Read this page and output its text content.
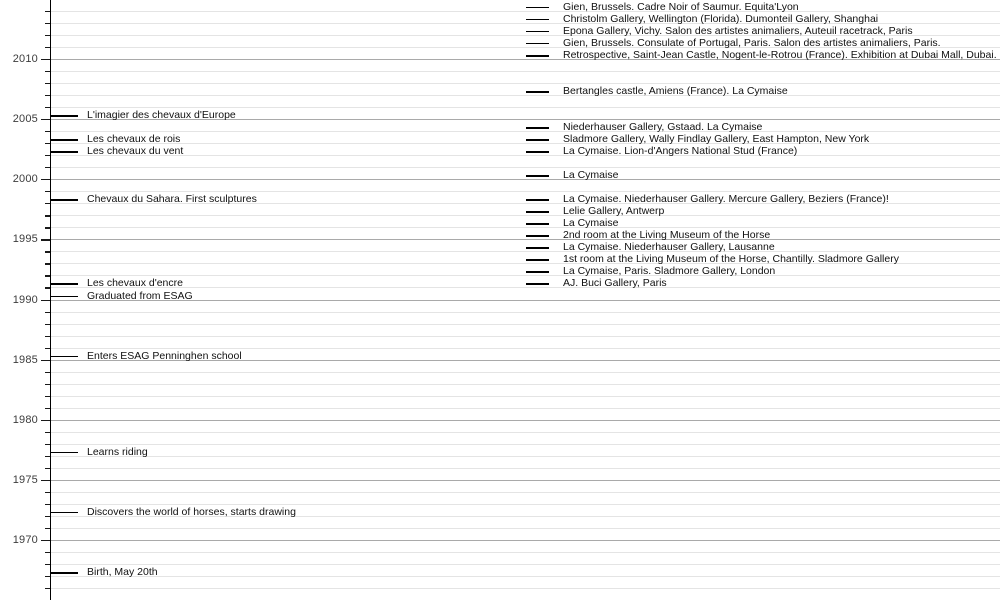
1970
1975
1980
1985
1990
1995
2000
2005
2010
Birth, May 20th
Discovers the world of horses, starts drawing
Learns riding
Enters ESAG Penninghen school
Graduated from ESAG
Les chevaux d'encre
Chevaux du Sahara. First sculptures
Les chevaux du vent
Les chevaux de rois
L'imagier des chevaux d'Europe
AJ. Buci Gallery, Paris
La Cymaise, Paris. Sladmore Gallery, London
1st room at the Living Museum of the Horse, Chantilly. Sladmore Gallery
La Cymaise. Niederhauser Gallery, Lausanne
2nd room at the Living Museum of the Horse
La Cymaise
Lelie Gallery, Antwerp
La Cymaise. Niederhauser Gallery. Mercure Gallery, Beziers (France)!
La Cymaise
La Cymaise. Lion-d'Angers National Stud (France)
Sladmore Gallery, Wally Findlay Gallery, East Hampton, New York
Niederhauser Gallery, Gstaad. La Cymaise
Bertangles castle, Amiens (France). La Cymaise
Retrospective, Saint-Jean Castle, Nogent-le-Rotrou (France). Exhibition at Dubai Mall, Dubai.
Gien, Brussels. Consulate of Portugal, Paris. Salon des artistes animaliers, Paris.
Epona Gallery, Vichy. Salon des artistes animaliers, Auteuil racetrack, Paris
Christolm Gallery, Wellington (Florida). Dumonteil Gallery, Shanghai
Gien, Brussels. Cadre Noir of Saumur. Equita'Lyon
